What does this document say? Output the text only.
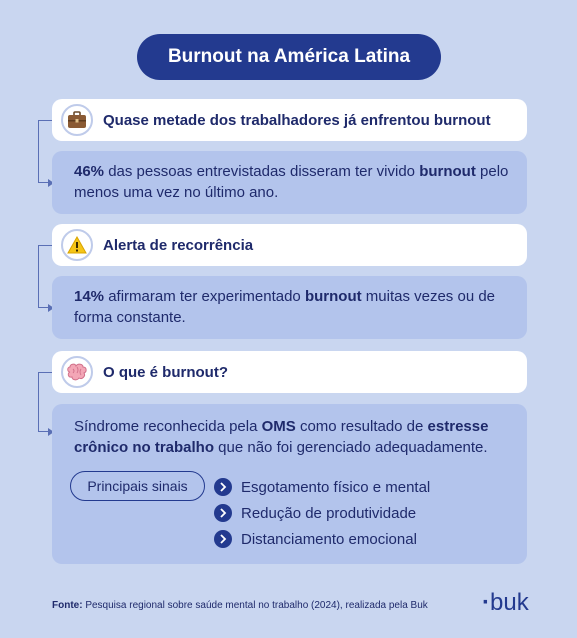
Burnout na América Latina
Quase metade dos trabalhadores já enfrentou burnout
46% das pessoas entrevistadas disseram ter vivido burnout pelo menos uma vez no último ano.
Alerta de recorrência
14% afirmaram ter experimentado burnout muitas vezes ou de forma constante.
O que é burnout?
Síndrome reconhecida pela OMS como resultado de estresse crônico no trabalho que não foi gerenciado adequadamente.
Principais sinais	Esgotamento físico e mental
Redução de produtividade
Distanciamento emocional
Fonte: Pesquisa regional sobre saúde mental no trabalho (2024), realizada pela Buk ·buk
